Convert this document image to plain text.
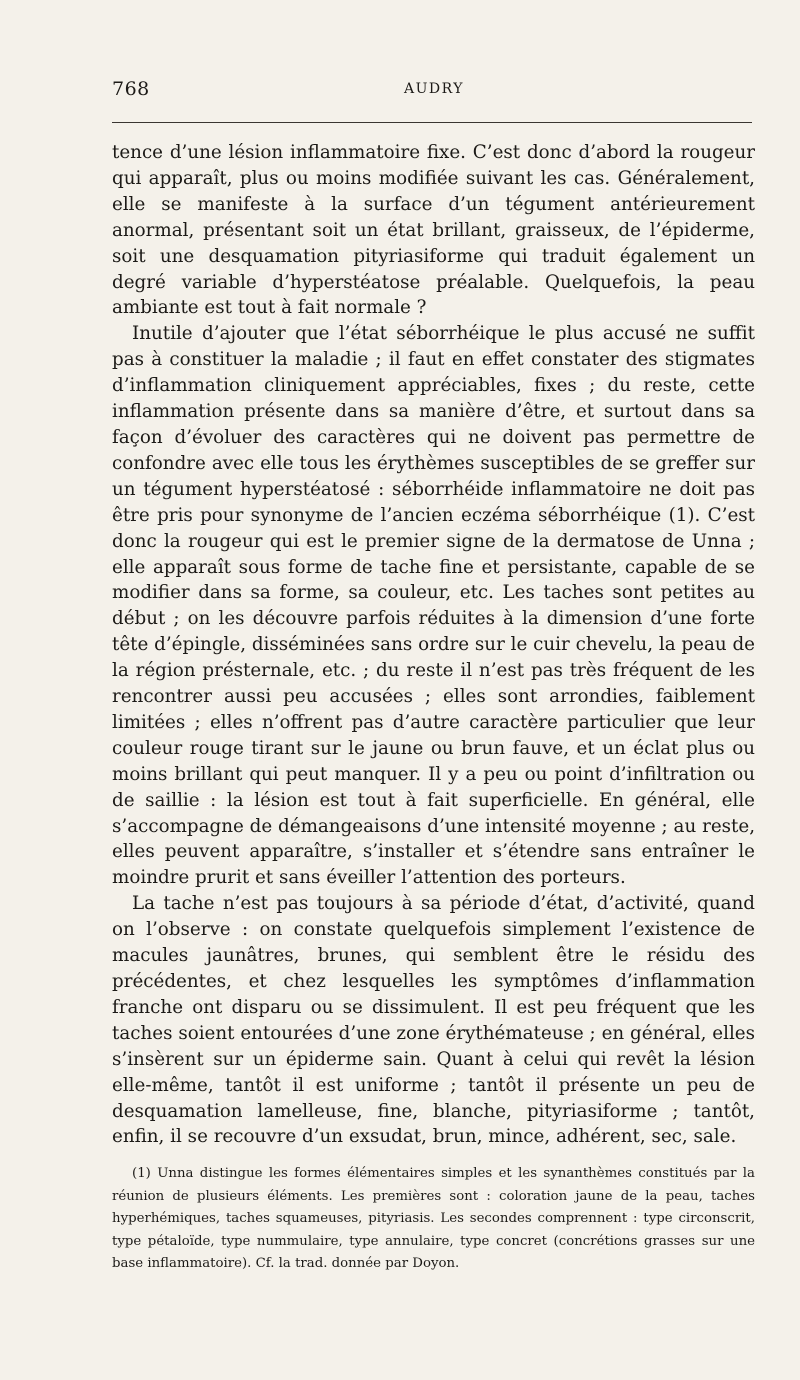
768	AUDRY

tence d’une lésion inflammatoire fixe. C’est donc d’abord la rougeur qui apparaît, plus ou moins modifiée suivant les cas. Généralement, elle se manifeste à la surface d’un tégument antérieurement anormal, présentant soit un état brillant, graisseux, de l’épiderme, soit une desquamation pityriasiforme qui traduit également un degré variable d’hyperstéatose préalable. Quelquefois, la peau ambiante est tout à fait normale ?

Inutile d’ajouter que l’état séborrhéique le plus accusé ne suffit pas à constituer la maladie ; il faut en effet constater des stigmates d’inflammation cliniquement appréciables, fixes ; du reste, cette inflammation présente dans sa manière d’être, et surtout dans sa façon d’évoluer des caractères qui ne doivent pas permettre de confondre avec elle tous les érythèmes susceptibles de se greffer sur un tégument hyperstéatosé : séborrhéide inflammatoire ne doit pas être pris pour synonyme de l’ancien eczéma séborrhéique (1). C’est donc la rougeur qui est le premier signe de la dermatose de Unna ; elle apparaît sous forme de tache fine et persistante, capable de se modifier dans sa forme, sa couleur, etc. Les taches sont petites au début ; on les découvre parfois réduites à la dimension d’une forte tête d’épingle, disséminées sans ordre sur le cuir chevelu, la peau de la région présternale, etc. ; du reste il n’est pas très fréquent de les rencontrer aussi peu accusées ; elles sont arrondies, faiblement limitées ; elles n’offrent pas d’autre caractère particulier que leur couleur rouge tirant sur le jaune ou brun fauve, et un éclat plus ou moins brillant qui peut manquer. Il y a peu ou point d’infiltration ou de saillie : la lésion est tout à fait superficielle. En général, elle s’accompagne de démangeaisons d’une intensité moyenne ; au reste, elles peuvent apparaître, s’installer et s’étendre sans entraîner le moindre prurit et sans éveiller l’attention des porteurs.

La tache n’est pas toujours à sa période d’état, d’activité, quand on l’observe : on constate quelquefois simplement l’existence de macules jaunâtres, brunes, qui semblent être le résidu des précédentes, et chez lesquelles les symptômes d’inflammation franche ont disparu ou se dissimulent. Il est peu fréquent que les taches soient entourées d’une zone érythémateuse ; en général, elles s’insèrent sur un épiderme sain. Quant à celui qui revêt la lésion elle-même, tantôt il est uniforme ; tantôt il présente un peu de desquamation lamelleuse, fine, blanche, pityriasiforme ; tantôt, enfin, il se recouvre d’un exsudat, brun, mince, adhérent, sec, sale.

(1) Unna distingue les formes élémentaires simples et les synanthèmes constitués par la réunion de plusieurs éléments. Les premières sont : coloration jaune de la peau, taches hyperhémiques, taches squameuses, pityriasis. Les secondes comprennent : type circonscrit, type pétaloïde, type nummulaire, type annulaire, type concret (concrétions grasses sur une base inflammatoire). Cf. la trad. donnée par Doyon.
